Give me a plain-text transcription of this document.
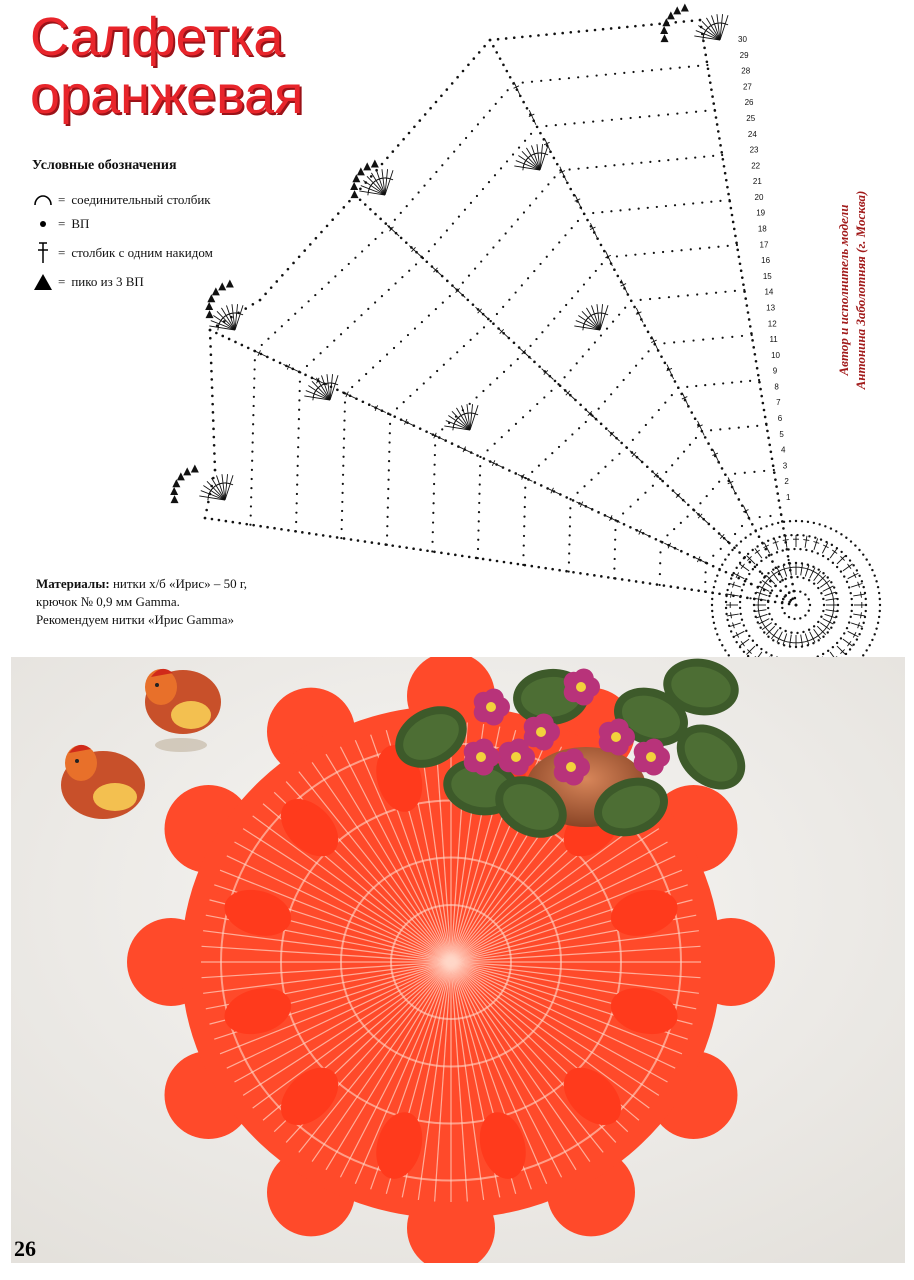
Салфетка
оранжевая
Условные обозначения
= соединительный столбик
= ВП
= столбик с одним накидом
= пико из 3 ВП
1
2
3
4
5
6
7
8
9
10
11
12
13
14
15
16
17
18
19
20
21
22
23
24
25
26
27
28
29
30
Автор и исполнитель модели Антонина Заболотняя (г. Москва)
Материалы: нитки х/б «Ирис» – 50 г,
крючок № 0,9 мм Gamma.
Рекомендуем нитки «Ирис Gamma»
26
